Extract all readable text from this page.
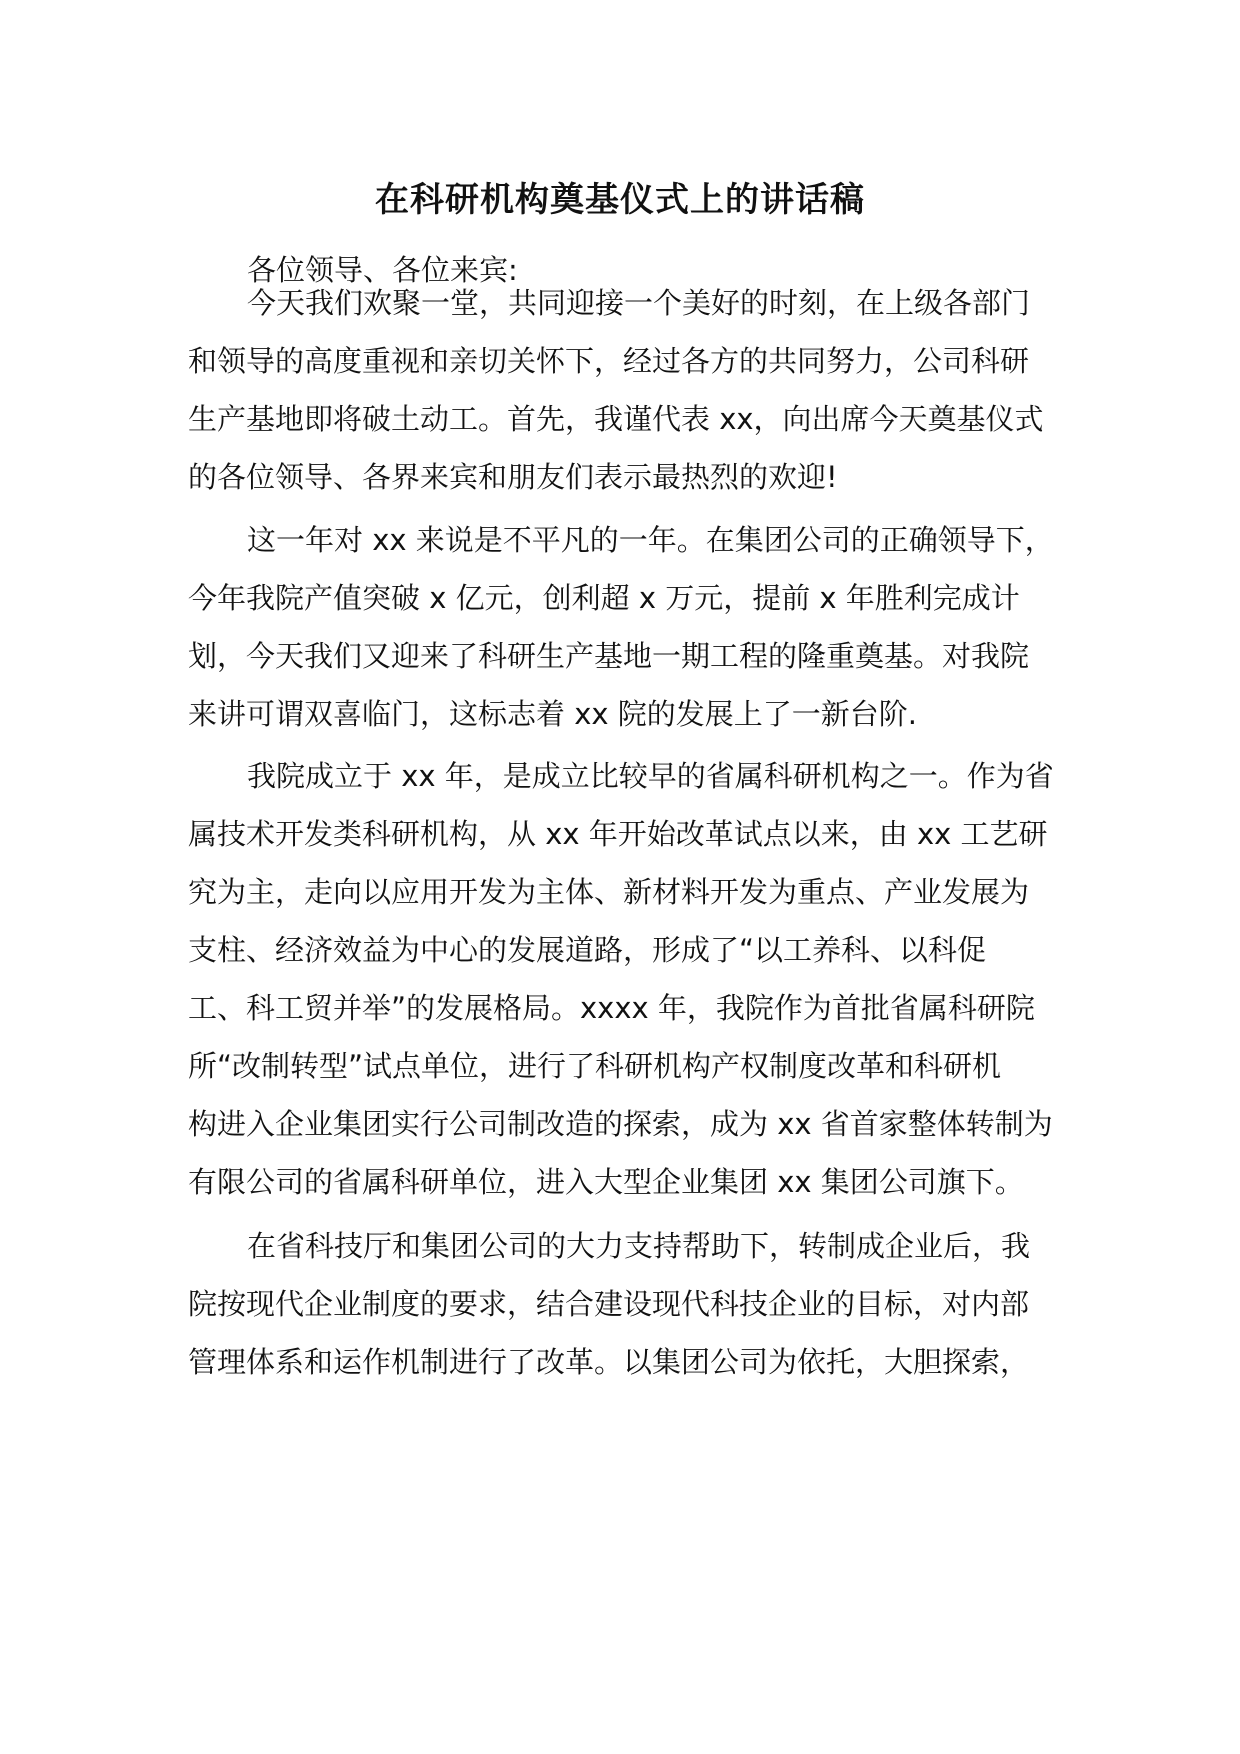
在科研机构奠基仪式上的讲话稿

各位领导、各位来宾:

今天我们欢聚一堂，共同迎接一个美好的时刻，在上级各部门

和领导的高度重视和亲切关怀下，经过各方的共同努力，公司科研

生产基地即将破土动工。首先，我谨代表 xx，向出席今天奠基仪式

的各位领导、各界来宾和朋友们表示最热烈的欢迎!

这一年对 xx 来说是不平凡的一年。在集团公司的正确领导下，

今年我院产值突破 x 亿元，创利超 x 万元，提前 x 年胜利完成计

划，今天我们又迎来了科研生产基地一期工程的隆重奠基。对我院

来讲可谓双喜临门，这标志着 xx 院的发展上了一新台阶.

我院成立于 xx 年，是成立比较早的省属科研机构之一。作为省

属技术开发类科研机构，从 xx 年开始改革试点以来，由 xx 工艺研

究为主，走向以应用开发为主体、新材料开发为重点、产业发展为

支柱、经济效益为中心的发展道路，形成了“以工养科、以科促

工、科工贸并举”的发展格局。xxxx 年，我院作为首批省属科研院

所“改制转型”试点单位，进行了科研机构产权制度改革和科研机

构进入企业集团实行公司制改造的探索，成为 xx 省首家整体转制为

有限公司的省属科研单位，进入大型企业集团 xx 集团公司旗下。

在省科技厅和集团公司的大力支持帮助下，转制成企业后，我

院按现代企业制度的要求，结合建设现代科技企业的目标，对内部

管理体系和运作机制进行了改革。以集团公司为依托，大胆探索，
